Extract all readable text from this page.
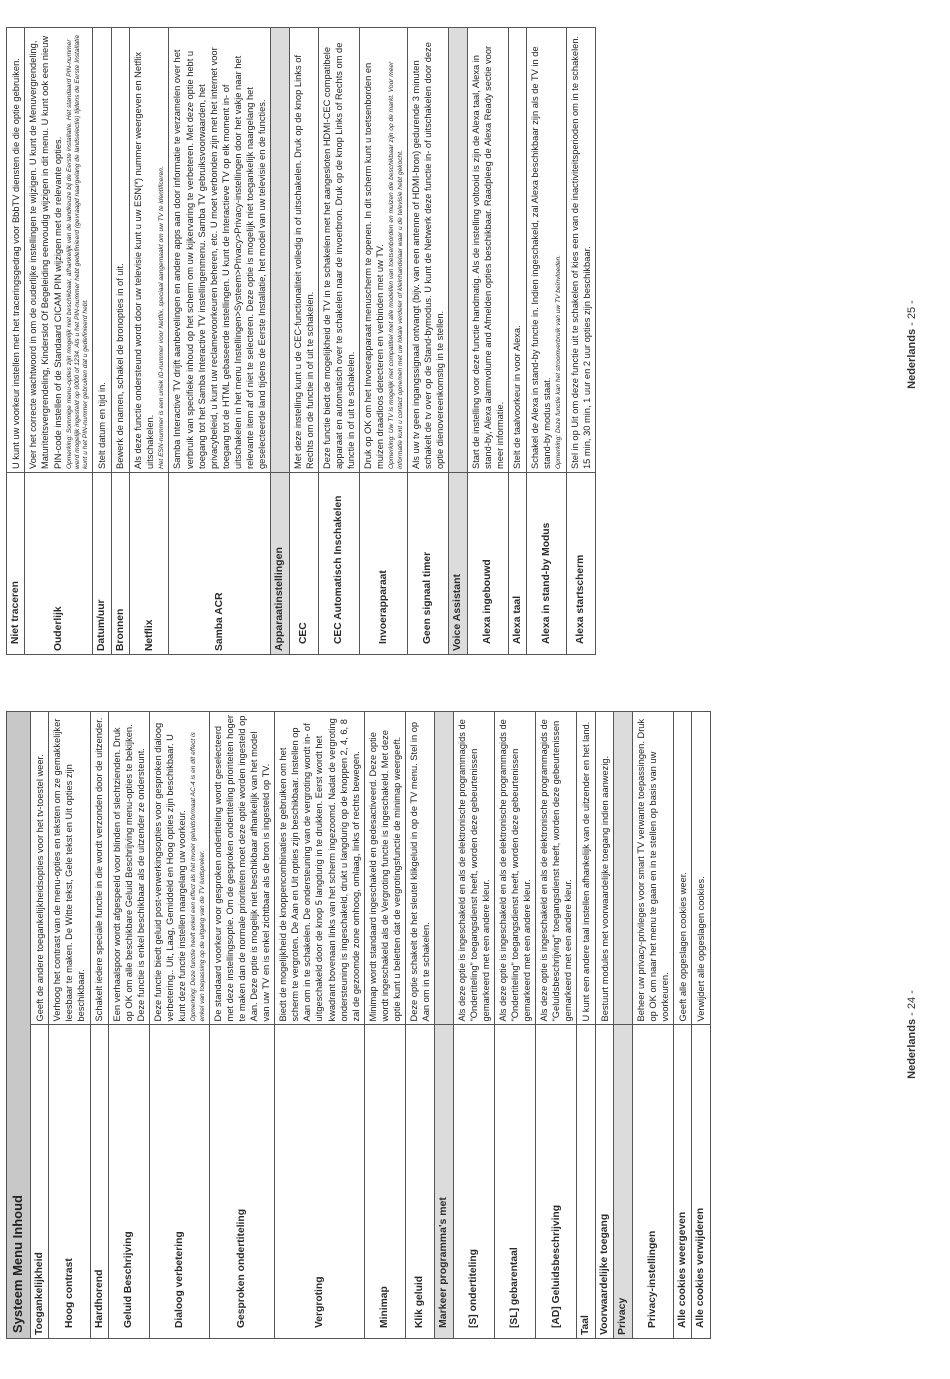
Systeem Menu Inhoud	
Toegankelijkheid	Geeft de andere toegankelijkheidsopties voor het tv-toestel weer.
Hoog contrast	Verhoog het contrast van de menu-opties en teksten om ze gemakkelijker leesbaar te maken. De Witte tekst, Gele tekst en Uit opties zijn beschikbaar.
Hardhorend	Schakelt iedere speciale functie in die wordt verzonden door de uitzender.
Geluid Beschrijving	Een verhaalspoor wordt afgespeeld voor blinden of slechtzienden. Druk op OK om alle beschikbare Geluid Beschrijving menu-opties te bekijken. Deze functie is enkel beschikbaar als de uitzender ze ondersteunt.
Dialoog verbetering	Deze functie biedt geluid post-verwerkingsopties voor gesproken dialoog verbetering.. Uit, Laag, Gemiddeld en Hoog opties zijn beschikbaar. U kunt deze functie instellen naargelang uw voorkeur. Opmerking: Deze functie heeft enkel een effect als het invoer geluidsformaat AC-4 is en dit effect is enkel van toepassing op de uitgang van de TV luidspreker.

Gesproken ondertiteling	De standaard voorkeur voor gesproken ondertiteling wordt geselecteerd met deze instellingsoptie. Om de gesproken ondertiteling prioriteiten hoger te maken dan de normale prioriteiten moet deze optie worden ingesteld op Aan. Deze optie is mogelijk niet beschikbaar afhankelijk van het model van uw TV en is enkel zichtbaar als de bron is ingesteld op TV.
Vergroting	Biedt de mogelijkheid de knoppencombinaties te gebruiken om het scherm te vergroten. De Aan en Uit opties zijn beschikbaar. Instellen op Aan om in te schakelen. De ondersteuning van de vergroting wordt in- of uitgeschakeld door de knop 5 langdurig in te drukken. Eerst wordt het kwadrant bovenaan links van het scherm ingezoomd. Nadat de vergroting ondersteuning is ingeschakeld, drukt u langdurig op de knoppen 2, 4, 6, 8 zal de gezoomde zone omhoog, omlaag, links of rechts bewegen.
Minimap	Minimap wordt standaard ingeschakeld en gedesactiveerd. Deze optie wordt ingeschakeld als de Vergroting functie is ingeschakeld. Met deze optie kunt u beletten dat de vergrotingsfunctie de minimap weergeeft.
Klik geluid	Deze optie schakelt de het sleutel klikgeluid in op de TV menu. Stel in op Aan om in te schakelen.
Markeer programma's met	
[S] ondertiteling	Als deze optie is ingeschakeld en als de elektronische programmagids de "Ondertiteling" toegangsdienst heeft, worden deze gebeurtenissen gemarkeerd met een andere kleur.
[SL] gebarentaal	Als deze optie is ingeschakeld en als de elektronische programmagids de "Ondertiteling" toegangsdienst heeft, worden deze gebeurtenissen gemarkeerd met een andere kleur.
[AD] Geluidsbeschrijving	Als deze optie is ingeschakeld en als de elektronische programmagids de "Geluidsbeschrijving" toegangsdienst heeft, worden deze gebeurtenissen gemarkeerd met een andere kleur.
Taal	U kunt een andere taal instellen afhankelijk van de uitzender en het land.
Voorwaardelijke toegang	Bestuurt modules met voorwaardelijke toegang indien aanwezig.
Privacy	
Privacy-instellingen	Beheer uw privacy-privileges voor smart TV verwante toepassingen. Druk op OK om naar het menu te gaan en in te stellen op basis van uw voorkeuren.
Alle cookies weergeven	Geeft alle opgeslagen cookies weer.
Alle cookies verwijderen	Verwijdert alle opgeslagen cookies.
Nederlands - 24 -
Niet traceren	U kunt uw voorkeur instellen met het traceringsgedrag voor BbbTV diensten die die optie gebruiken.
Ouderlijk	Voer het correcte wachtwoord in om de ouderlijke instellingen te wijzigen. U kunt de Menuvergrendeling, Maturiteitsvergrendeling, Kinderslot Of Begeleiding eenvoudig wijzigen in dit menu. U kunt ook een nieuw PIN-code instellen of de Standaard CICAM PIN wijzigen met de relevante opties. Opmerking: Sommige menu-opties zijn mogelijk niet beschikbaar, afhankelijk van de landkeuze bij de Eerste installatie. Het standaard PIN-nummer werd mogelijk ingesteld op 0000 of 1234. Als u het PIN-nummer hebt gedefinieerd (gevraagd naargelang de landselectie) tijdens de Eerste Installatie kunt u het PIN-nummer gebruiken dat u gedefinieerd hebt.

Datum/uur	Stelt datum en tijd in.
Bronnen	Bewerk de namen, schakel de bronopties in of uit.
Netflix	Als deze functie ondersteund wordt door uw televisie kunt u uw ESN(*) nummer weergeven en Netflix uitschakelen. Het ESN-nummer is een uniek ID-nummer voor Netflix, speciaal aangemaakt om uw TV te identificeren.

Samba ACR	Samba Interactive TV drijft aanbevelingen en andere apps aan door informatie te verzamelen over het verbruik van specifieke inhoud op het scherm om uw kijkervaring te verbeteren. Met deze optie hebt u toegang tot het Samba Interactive TV instellingenmenu. Samba TV gebruiksvoorwaarden, het privacybeleid, u kunt uw reclamevoorkeuren beheren, etc. U moet verbonden zijn met het internet voor toegang tot de HTML gebaseerde instellingen. U kunt de Interactieve TV op elk moment in- of uitschakelen in het menu Instellingen>Systeem>Privacy>Privacy-instellingen door het vakje naar het relevante item af of niet te selecteren. Deze optie is mogelijk niet toegankelijk naargelang het geselecteerde land tijdens de Eerste Installatie, het model van uw televisie en de functies.
Apparaatinstellingen	
CEC	Met deze instelling kunt u de CEC-functionaliteit volledig in of uitschakelen. Druk op de knop Links of Rechts om de functie in of uit te schakelen.
CEC Automatisch Inschakelen	Deze functie biedt de mogelijkheid de TV in te schakelen met het aangesloten HDMI-CEC compatibele apparaat en automatisch over te schakelen naar de invoerbron. Druk op de knop Links of Rechts om de functie in of uit te schakelen.
Invoerapparaat	Druk op OK om het Invoerapparaat menuscherm te openen. In dit scherm kunt u toetsenborden en muizen draadloos detecteren en verbinden met uw TV. Opmerking: Uw TV is mogelijk niet compatibel met alle modellen van toetsenborden en muizen die beschikbaar zijn op de markt. Voor meer informatie kunt u contact opnemen met uw lokale verdeler of kleinhandelaar waar u de televisie hebt gekocht.

Geen signaal timer	Als uw tv geen ingangssignaal ontvangt (bijv. van een antenne of HDMI-bron) gedurende 3 minuten schakelt de tv over op de Stand-bymodus. U kunt de Netwerk deze functie in- of uitschakelen door deze optie dienovereenkomstig in te stellen.
Voice Assistant	
Alexa ingebouwd	Start de instelling voor deze functie handmatig. Als de instelling voltooid is zijn de Alexa taal, Alexa in stand-by, Alexa alarmvolume and Afmelden opties beschikbaar. Raadpleeg de Alexa Ready sectie voor meer informatie.
Alexa taal	Stelt de taalvoorkeur in voor Alexa.
Alexa in stand-by Modus	Schakel de Alexa in stand-by functie in. Indien ingeschakeld, zal Alexa beschikbaar zijn als de TV in de stand-by modus staat. Opmerking: Deze functie kan het stroomverbruik van uw TV beïnvloeden.

Alexa startscherm	Stel in op Uit om deze functie uit te schakelen of kies een van de inactiviteitsperioden om in te schakelen. 15 min, 30 min, 1 uur en 2 uur opties zijn beschikbaar.	Nederlands - 25 -
